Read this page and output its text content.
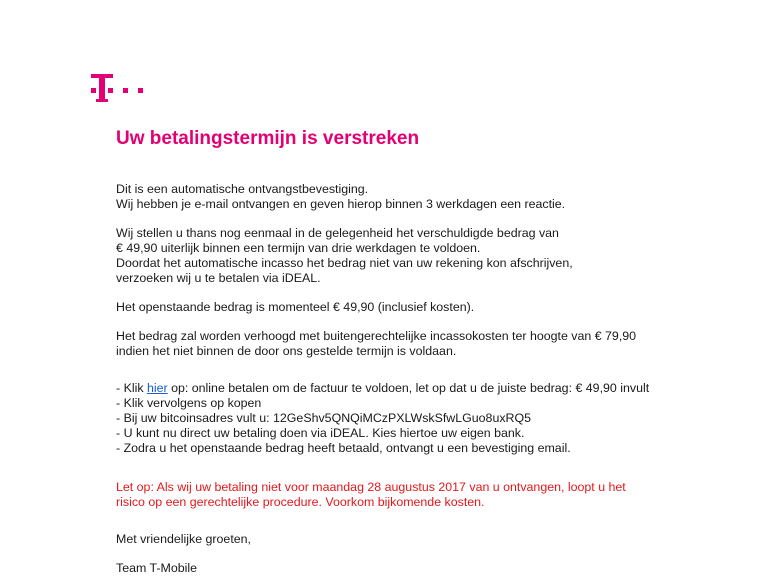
Uw betalingstermijn is verstreken

Dit is een automatische ontvangstbevestiging.
Wij hebben je e-mail ontvangen en geven hierop binnen 3 werkdagen een reactie.

Wij stellen u thans nog eenmaal in de gelegenheid het verschuldigde bedrag van
€ 49,90 uiterlijk binnen een termijn van drie werkdagen te voldoen.
Doordat het automatische incasso het bedrag niet van uw rekening kon afschrijven,
verzoeken wij u te betalen via iDEAL.

Het openstaande bedrag is momenteel € 49,90 (inclusief kosten).

Het bedrag zal worden verhoogd met buitengerechtelijke incassokosten ter hoogte van € 79,90
indien het niet binnen de door ons gestelde termijn is voldaan.

- Klik hier op: online betalen om de factuur te voldoen, let op dat u de juiste bedrag: € 49,90 invult
- Klik vervolgens op kopen
- Bij uw bitcoinsadres vult u: 12GeShv5QNQiMCzPXLWskSfwLGuo8uxRQ5
- U kunt nu direct uw betaling doen via iDEAL. Kies hiertoe uw eigen bank.
- Zodra u het openstaande bedrag heeft betaald, ontvangt u een bevestiging email.

Let op: Als wij uw betaling niet voor maandag 28 augustus 2017 van u ontvangen, loopt u het
risico op een gerechtelijke procedure. Voorkom bijkomende kosten.

Met vriendelijke groeten,

Team T-Mobile
